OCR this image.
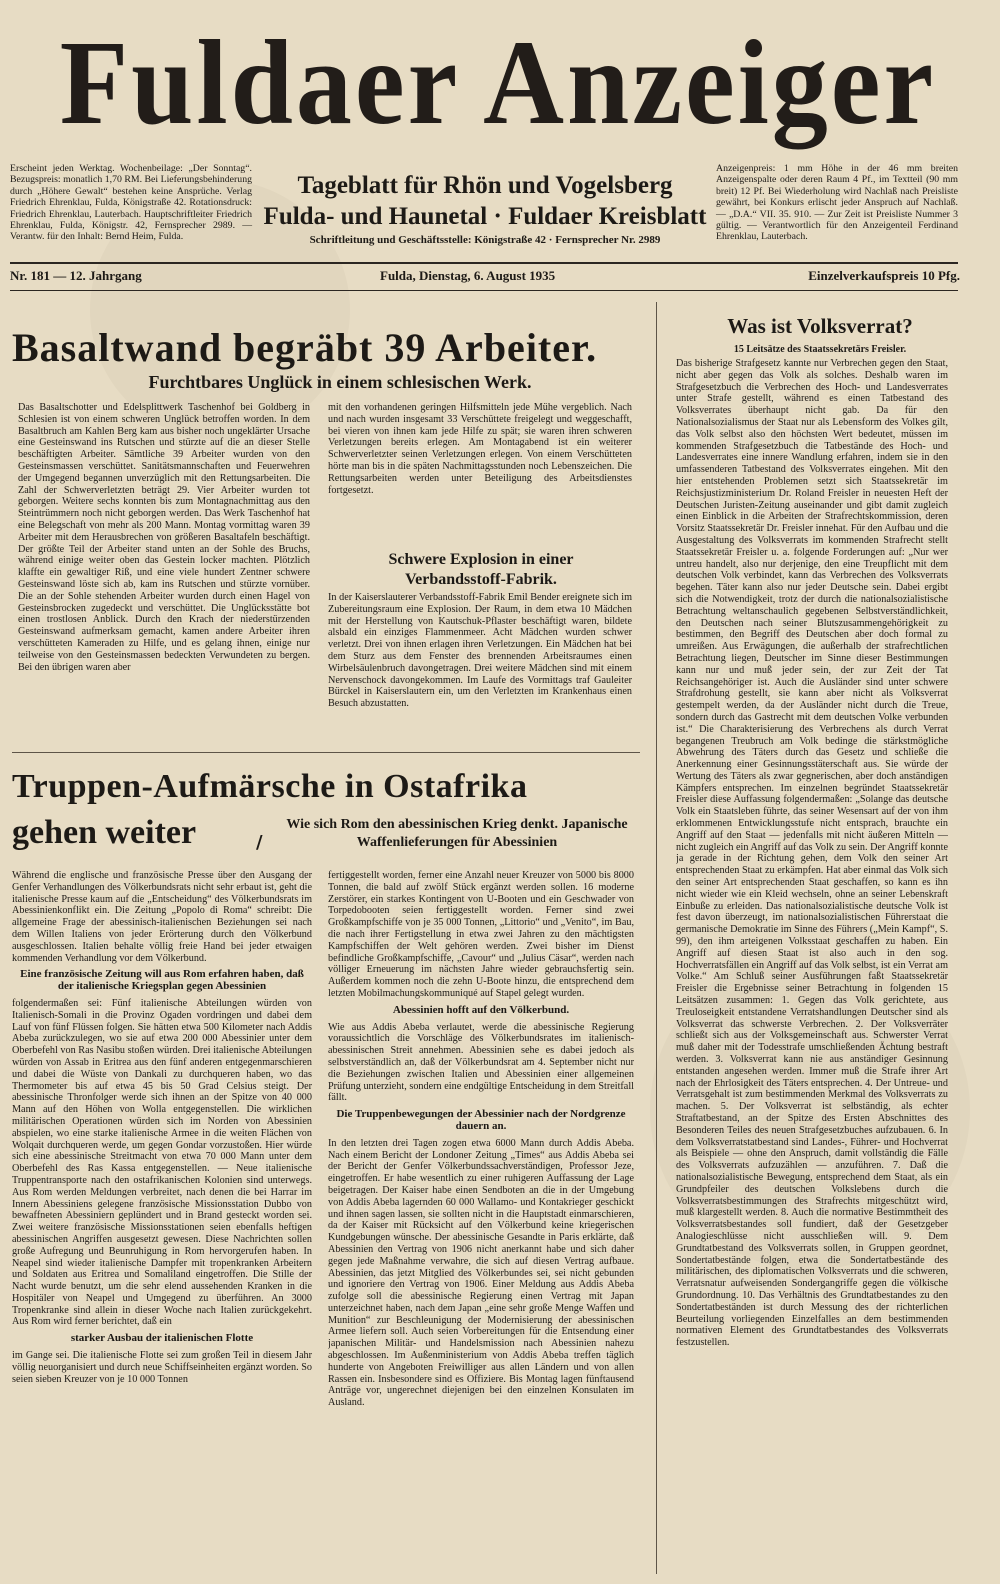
Fuldaer Anzeiger
Erscheint jeden Werktag. Wochenbeilage: „Der Sonntag“. Bezugspreis: monatlich 1,70 RM. Bei Lieferungsbehinderung durch „Höhere Gewalt“ bestehen keine Ansprüche. Verlag Friedrich Ehrenklau, Fulda, Königstraße 42. Rotationsdruck: Friedrich Ehrenklau, Lauterbach. Hauptschriftleiter Friedrich Ehrenklau, Fulda, Königstr. 42, Fernsprecher 2989. — Verantw. für den Inhalt: Bernd Heim, Fulda.
Tageblatt für Rhön und Vogelsberg
Fulda- und Haunetal · Fuldaer Kreisblatt
Schriftleitung und Geschäftsstelle: Königstraße 42 · Fernsprecher Nr. 2989
Anzeigenpreis: 1 mm Höhe in der 46 mm breiten Anzeigenspalte oder deren Raum 4 Pf., im Textteil (90 mm breit) 12 Pf. Bei Wiederholung wird Nachlaß nach Preisliste gewährt, bei Konkurs erlischt jeder Anspruch auf Nachlaß. — „D.A.“ VII. 35. 910. — Zur Zeit ist Preisliste Nummer 3 gültig. — Verantwortlich für den Anzeigenteil Ferdinand Ehrenklau, Lauterbach.
Nr. 181 — 12. Jahrgang	Fulda, Dienstag, 6. August 1935	Einzelverkaufspreis 10 Pfg.
Basaltwand begräbt 39 Arbeiter.
Furchtbares Unglück in einem schlesischen Werk.
Das Basaltschotter und Edelsplittwerk Taschenhof bei Goldberg in Schlesien ist von einem schweren Unglück betroffen worden. In dem Basaltbruch am Kahlen Berg kam aus bisher noch ungeklärter Ursache eine Gesteinswand ins Rutschen und stürzte auf die an dieser Stelle beschäftigten Arbeiter. Sämtliche 39 Arbeiter wurden von den Gesteinsmassen verschüttet. Sanitätsmannschaften und Feuerwehren der Umgegend begannen unverzüglich mit den Rettungsarbeiten. Die Zahl der Schwerverletzten beträgt 29. Vier Arbeiter wurden tot geborgen. Weitere sechs konnten bis zum Montagnachmittag aus den Steintrümmern noch nicht geborgen werden. Das Werk Taschenhof hat eine Belegschaft von mehr als 200 Mann. Montag vormittag waren 39 Arbeiter mit dem Herausbrechen von größeren Basaltafeln beschäftigt. Der größte Teil der Arbeiter stand unten an der Sohle des Bruchs, während einige weiter oben das Gestein locker machten. Plötzlich klaffte ein gewaltiger Riß, und eine viele hundert Zentner schwere Gesteinswand löste sich ab, kam ins Rutschen und stürzte vornüber. Die an der Sohle stehenden Arbeiter wurden durch einen Hagel von Gesteinsbrocken zugedeckt und verschüttet. Die Unglücksstätte bot einen trostlosen Anblick. Durch den Krach der niederstürzenden Gesteinswand aufmerksam gemacht, kamen andere Arbeiter ihren verschütteten Kameraden zu Hilfe, und es gelang ihnen, einige nur teilweise von den Gesteinsmassen bedeckten Verwundeten zu bergen. Bei den übrigen waren aber
mit den vorhandenen geringen Hilfsmitteln jede Mühe vergeblich. Nach und nach wurden insgesamt 33 Verschüttete freigelegt und weggeschafft, bei vieren von ihnen kam jede Hilfe zu spät; sie waren ihren schweren Verletzungen bereits erlegen. Am Montagabend ist ein weiterer Schwerverletzter seinen Verletzungen erlegen. Von einem Verschütteten hörte man bis in die späten Nachmittagsstunden noch Lebenszeichen. Die Rettungsarbeiten werden unter Beteiligung des Arbeitsdienstes fortgesetzt.
Schwere Explosion in einer Verbandsstoff-Fabrik.
In der Kaiserslauterer Verbandsstoff-Fabrik Emil Bender ereignete sich im Zubereitungsraum eine Explosion. Der Raum, in dem etwa 10 Mädchen mit der Herstellung von Kautschuk-Pflaster beschäftigt waren, bildete alsbald ein einziges Flammenmeer. Acht Mädchen wurden schwer verletzt. Drei von ihnen erlagen ihren Verletzungen. Ein Mädchen hat bei dem Sturz aus dem Fenster des brennenden Arbeitsraumes einen Wirbelsäulenbruch davongetragen. Drei weitere Mädchen sind mit einem Nervenschock davongekommen. Im Laufe des Vormittags traf Gauleiter Bürckel in Kaiserslautern ein, um den Verletzten im Krankenhaus einen Besuch abzustatten.
Truppen-Aufmärsche in Ostafrika
gehen weiter	/
Wie sich Rom den abessinischen Krieg denkt. Japanische Waffenlieferungen für Abessinien
Während die englische und französische Presse über den Ausgang der Genfer Verhandlungen des Völkerbundsrats nicht sehr erbaut ist, geht die italienische Presse kaum auf die „Entscheidung“ des Völkerbundsrats im Abessinienkonflikt ein. Die Zeitung „Popolo di Roma“ schreibt: Die allgemeine Frage der abessinisch-italienischen Beziehungen sei nach dem Willen Italiens von jeder Erörterung durch den Völkerbund ausgeschlossen. Italien behalte völlig freie Hand bei jeder etwaigen kommenden Verhandlung vor dem Völkerbund.
Eine französische Zeitung will aus Rom erfahren haben, daß der italienische Kriegsplan gegen Abessinien
folgendermaßen sei: Fünf italienische Abteilungen würden von Italienisch-Somali in die Provinz Ogaden vordringen und dabei dem Lauf von fünf Flüssen folgen. Sie hätten etwa 500 Kilometer nach Addis Abeba zurückzulegen, wo sie auf etwa 200 000 Abessinier unter dem Oberbefehl von Ras Nasibu stoßen würden. Drei italienische Abteilungen würden von Assab in Eritrea aus den fünf anderen entgegenmarschieren und dabei die Wüste von Dankali zu durchqueren haben, wo das Thermometer bis auf etwa 45 bis 50 Grad Celsius steigt. Der abessinische Thronfolger werde sich ihnen an der Spitze von 40 000 Mann auf den Höhen von Wolla entgegenstellen. Die wirklichen militärischen Operationen würden sich im Norden von Abessinien abspielen, wo eine starke italienische Armee in die weiten Flächen von Wolqait durchqueren werde, um gegen Gondar vorzustoßen. Hier würde sich eine abessinische Streitmacht von etwa 70 000 Mann unter dem Oberbefehl des Ras Kassa entgegenstellen. — Neue italienische Truppentransporte nach den ostafrikanischen Kolonien sind unterwegs. Aus Rom werden Meldungen verbreitet, nach denen die bei Harrar im Innern Abessiniens gelegene französische Missionsstation Dubbo von bewaffneten Abessiniern geplündert und in Brand gesteckt worden sei. Zwei weitere französische Missionsstationen seien ebenfalls heftigen abessinischen Angriffen ausgesetzt gewesen. Diese Nachrichten sollen große Aufregung und Beunruhigung in Rom hervorgerufen haben. In Neapel sind wieder italienische Dampfer mit tropenkranken Arbeitern und Soldaten aus Eritrea und Somaliland eingetroffen. Die Stille der Nacht wurde benutzt, um die sehr elend aussehenden Kranken in die Hospitäler von Neapel und Umgegend zu überführen. An 3000 Tropenkranke sind allein in dieser Woche nach Italien zurückgekehrt. Aus Rom wird ferner berichtet, daß ein
starker Ausbau der italienischen Flotte
im Gange sei. Die italienische Flotte sei zum großen Teil in diesem Jahr völlig neuorganisiert und durch neue Schiffseinheiten ergänzt worden. So seien sieben Kreuzer von je 10 000 Tonnen
fertiggestellt worden, ferner eine Anzahl neuer Kreuzer von 5000 bis 8000 Tonnen, die bald auf zwölf Stück ergänzt werden sollen. 16 moderne Zerstörer, ein starkes Kontingent von U-Booten und ein Geschwader von Torpedobooten seien fertiggestellt worden. Ferner sind zwei Großkampfschiffe von je 35 000 Tonnen, „Littorio“ und „Venito“, im Bau, die nach ihrer Fertigstellung in etwa zwei Jahren zu den mächtigsten Kampfschiffen der Welt gehören werden. Zwei bisher im Dienst befindliche Großkampfschiffe, „Cavour“ und „Julius Cäsar“, werden nach völliger Erneuerung im nächsten Jahre wieder gebrauchsfertig sein. Außerdem kommen noch die zehn U-Boote hinzu, die entsprechend dem letzten Mobilmachungskommuniqué auf Stapel gelegt wurden.
Abessinien hofft auf den Völkerbund.
Wie aus Addis Abeba verlautet, werde die abessinische Regierung voraussichtlich die Vorschläge des Völkerbundsrates im italienisch-abessinischen Streit annehmen. Abessinien sehe es dabei jedoch als selbstverständlich an, daß der Völkerbundsrat am 4. September nicht nur die Beziehungen zwischen Italien und Abessinien einer allgemeinen Prüfung unterzieht, sondern eine endgültige Entscheidung in dem Streitfall fällt.
Die Truppenbewegungen der Abessinier nach der Nordgrenze dauern an.
In den letzten drei Tagen zogen etwa 6000 Mann durch Addis Abeba. Nach einem Bericht der Londoner Zeitung „Times“ aus Addis Abeba sei der Bericht der Genfer Völkerbundssachverständigen, Professor Jeze, eingetroffen. Er habe wesentlich zu einer ruhigeren Auffassung der Lage beigetragen. Der Kaiser habe einen Sendboten an die in der Umgebung von Addis Abeba lagernden 60 000 Wallamo- und Kontakrieger geschickt und ihnen sagen lassen, sie sollten nicht in die Hauptstadt einmarschieren, da der Kaiser mit Rücksicht auf den Völkerbund keine kriegerischen Kundgebungen wünsche. Der abessinische Gesandte in Paris erklärte, daß Abessinien den Vertrag von 1906 nicht anerkannt habe und sich daher gegen jede Maßnahme verwahre, die sich auf diesen Vertrag aufbaue. Abessinien, das jetzt Mitglied des Völkerbundes sei, sei nicht gebunden und ignoriere den Vertrag von 1906. Einer Meldung aus Addis Abeba zufolge soll die abessinische Regierung einen Vertrag mit Japan unterzeichnet haben, nach dem Japan „eine sehr große Menge Waffen und Munition“ zur Beschleunigung der Modernisierung der abessinischen Armee liefern soll. Auch seien Vorbereitungen für die Entsendung einer japanischen Militär- und Handelsmission nach Abessinien nahezu abgeschlossen. Im Außenministerium von Addis Abeba treffen täglich hunderte von Angeboten Freiwilliger aus allen Ländern und von allen Rassen ein. Insbesondere sind es Offiziere. Bis Montag lagen fünftausend Anträge vor, ungerechnet diejenigen bei den einzelnen Konsulaten im Ausland.
Was ist Volksverrat?
15 Leitsätze des Staatssekretärs Freisler.
Das bisherige Strafgesetz kannte nur Verbrechen gegen den Staat, nicht aber gegen das Volk als solches. Deshalb waren im Strafgesetzbuch die Verbrechen des Hoch- und Landesverrates unter Strafe gestellt, während es einen Tatbestand des Volksverrates überhaupt nicht gab. Da für den Nationalsozialismus der Staat nur als Lebensform des Volkes gilt, das Volk selbst also den höchsten Wert bedeutet, müssen im kommenden Strafgesetzbuch die Tatbestände des Hoch- und Landesverrates eine innere Wandlung erfahren, indem sie in den umfassenderen Tatbestand des Volksverrates eingehen. Mit den hier entstehenden Problemen setzt sich Staatssekretär im Reichsjustizministerium Dr. Roland Freisler in neuesten Heft der Deutschen Juristen-Zeitung auseinander und gibt damit zugleich einen Einblick in die Arbeiten der Strafrechtskommission, deren Vorsitz Staatssekretär Dr. Freisler innehat. Für den Aufbau und die Ausgestaltung des Volksverrats im kommenden Strafrecht stellt Staatssekretär Freisler u. a. folgende Forderungen auf: „Nur wer untreu handelt, also nur derjenige, den eine Treupflicht mit dem deutschen Volk verbindet, kann das Verbrechen des Volksverrats begehen. Täter kann also nur jeder Deutsche sein. Dabei ergibt sich die Notwendigkeit, trotz der durch die nationalsozialistische Betrachtung weltanschaulich gegebenen Selbstverständlichkeit, den Deutschen nach seiner Blutszusammengehörigkeit zu bestimmen, den Begriff des Deutschen aber doch formal zu umreißen. Aus Erwägungen, die außerhalb der strafrechtlichen Betrachtung liegen, Deutscher im Sinne dieser Bestimmungen kann nur und muß jeder sein, der zur Zeit der Tat Reichsangehöriger ist. Auch die Ausländer sind unter schwere Strafdrohung gestellt, sie kann aber nicht als Volksverrat gestempelt werden, da der Ausländer nicht durch die Treue, sondern durch das Gastrecht mit dem deutschen Volke verbunden ist.“ Die Charakterisierung des Verbrechens als durch Verrat begangenen Treubruch am Volk bedinge die stärkstmögliche Abwehrung des Täters durch das Gesetz und schließe die Anerkennung einer Gesinnungsstäterschaft aus. Sie würde der Wertung des Täters als zwar gegnerischen, aber doch anständigen Kämpfers entsprechen. Im einzelnen begründet Staatssekretär Freisler diese Auffassung folgendermaßen: „Solange das deutsche Volk ein Staatsleben führte, das seiner Wesensart auf der von ihm erklommenen Entwicklungsstufe nicht entsprach, brauchte ein Angriff auf den Staat — jedenfalls mit nicht äußeren Mitteln — nicht zugleich ein Angriff auf das Volk zu sein. Der Angriff konnte ja gerade in der Richtung gehen, dem Volk den seiner Art entsprechenden Staat zu erkämpfen. Hat aber einmal das Volk sich den seiner Art entsprechenden Staat geschaffen, so kann es ihn nicht wieder wie ein Kleid wechseln, ohne an seiner Lebenskraft Einbuße zu erleiden. Das nationalsozialistische deutsche Volk ist fest davon überzeugt, im nationalsozialistischen Führerstaat die germanische Demokratie im Sinne des Führers („Mein Kampf“, S. 99), den ihm arteigenen Volksstaat geschaffen zu haben. Ein Angriff auf diesen Staat ist also auch in den sog. Hochverratsfällen ein Angriff auf das Volk selbst, ist ein Verrat am Volke.“ Am Schluß seiner Ausführungen faßt Staatssekretär Freisler die Ergebnisse seiner Betrachtung in folgenden 15 Leitsätzen zusammen: 1. Gegen das Volk gerichtete, aus Treuloseigkeit entstandene Verratshandlungen Deutscher sind als Volksverrat das schwerste Verbrechen. 2. Der Volksverräter schließt sich aus der Volksgemeinschaft aus. Schwerster Verrat muß daher mit der Todesstrafe umschließenden Ächtung bestraft werden. 3. Volksverrat kann nie aus anständiger Gesinnung entstanden angesehen werden. Immer muß die Strafe ihrer Art nach der Ehrlosigkeit des Täters entsprechen. 4. Der Untreue- und Verratsgehalt ist zum bestimmenden Merkmal des Volksverrats zu machen. 5. Der Volksverrat ist selbständig, als echter Straftatbestand, an der Spitze des Ersten Abschnittes des Besonderen Teiles des neuen Strafgesetzbuches aufzubauen. 6. In dem Volksverratstatbestand sind Landes-, Führer- und Hochverrat als Beispiele — ohne den Anspruch, damit vollständig die Fälle des Volksverrats aufzuzählen — anzuführen. 7. Daß die nationalsozialistische Bewegung, entsprechend dem Staat, als ein Grundpfeiler des deutschen Volkslebens durch die Volksverratsbestimmungen des Strafrechts mitgeschützt wird, muß klargestellt werden. 8. Auch die normative Bestimmtheit des Volksverratsbestandes soll fundiert, daß der Gesetzgeber Analogieschlüsse nicht ausschließen will. 9. Dem Grundtatbestand des Volksverrats sollen, in Gruppen geordnet, Sondertatbestände folgen, etwa die Sondertatbestände des militärischen, des diplomatischen Volksverrats und die schweren, Verratsnatur aufweisenden Sondergangriffe gegen die völkische Grundordnung. 10. Das Verhältnis des Grundtatbestandes zu den Sondertatbeständen ist durch Messung des der richterlichen Beurteilung vorliegenden Einzelfalles an dem bestimmenden normativen Element des Grundtatbestandes des Volksverrats festzustellen.
